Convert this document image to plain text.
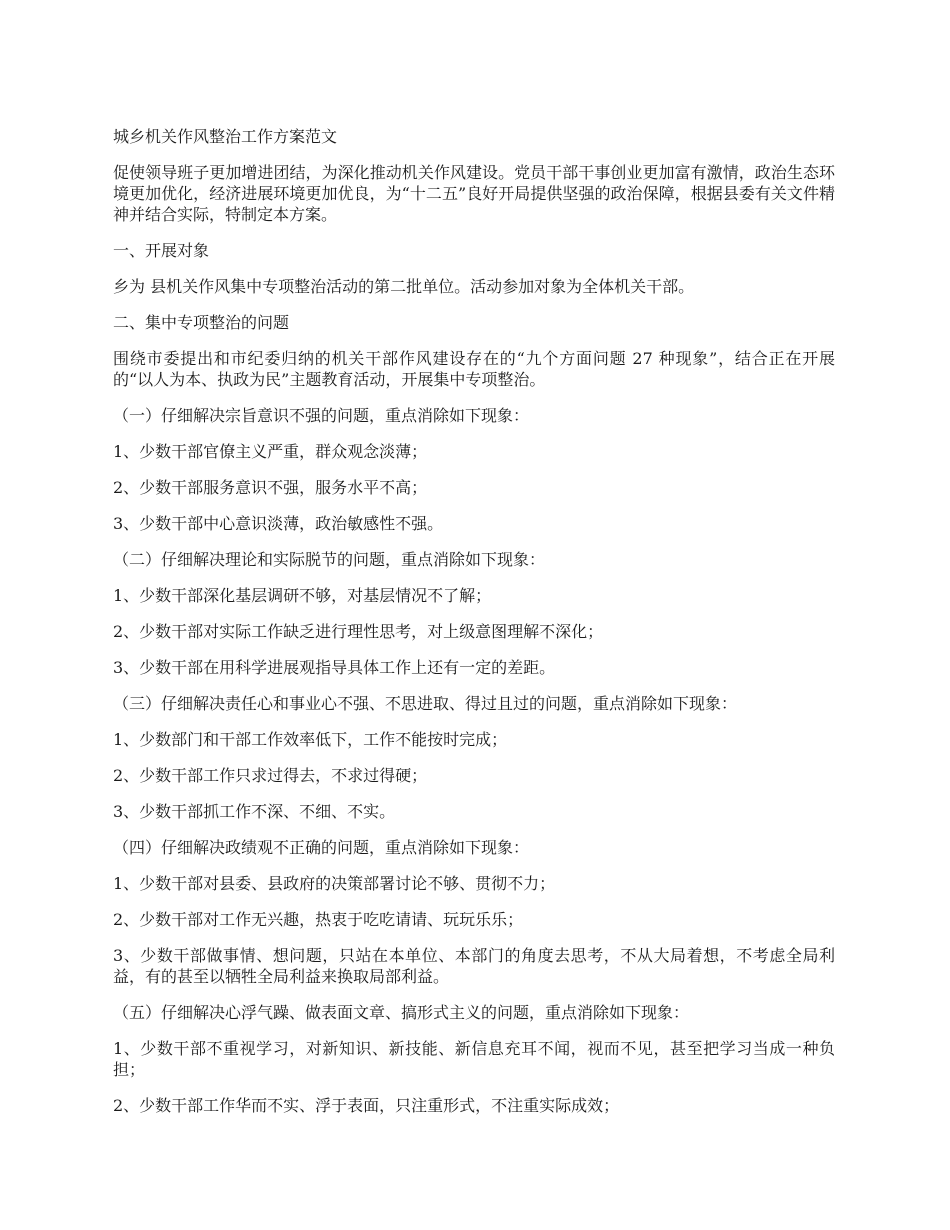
城乡机关作风整治工作方案范文

促使领导班子更加增进团结，为深化推动机关作风建设。党员干部干事创业更加富有激情，政治生态环境更加优化，经济进展环境更加优良，为“十二五”良好开局提供坚强的政治保障，根据县委有关文件精神并结合实际，特制定本方案。

一、开展对象

乡为 县机关作风集中专项整治活动的第二批单位。活动参加对象为全体机关干部。

二、集中专项整治的问题

围绕市委提出和市纪委归纳的机关干部作风建设存在的“九个方面问题 27 种现象”，结合正在开展的“以人为本、执政为民”主题教育活动，开展集中专项整治。

（一）仔细解决宗旨意识不强的问题，重点消除如下现象：

1、少数干部官僚主义严重，群众观念淡薄；

2、少数干部服务意识不强，服务水平不高；

3、少数干部中心意识淡薄，政治敏感性不强。

（二）仔细解决理论和实际脱节的问题，重点消除如下现象：

1、少数干部深化基层调研不够，对基层情况不了解；

2、少数干部对实际工作缺乏进行理性思考，对上级意图理解不深化；

3、少数干部在用科学进展观指导具体工作上还有一定的差距。

（三）仔细解决责任心和事业心不强、不思进取、得过且过的问题，重点消除如下现象：

1、少数部门和干部工作效率低下，工作不能按时完成；

2、少数干部工作只求过得去，不求过得硬；

3、少数干部抓工作不深、不细、不实。

（四）仔细解决政绩观不正确的问题，重点消除如下现象：

1、少数干部对县委、县政府的决策部署讨论不够、贯彻不力；

2、少数干部对工作无兴趣，热衷于吃吃请请、玩玩乐乐；

3、少数干部做事情、想问题，只站在本单位、本部门的角度去思考，不从大局着想，不考虑全局利益，有的甚至以牺牲全局利益来换取局部利益。

（五）仔细解决心浮气躁、做表面文章、搞形式主义的问题，重点消除如下现象：

1、少数干部不重视学习，对新知识、新技能、新信息充耳不闻，视而不见，甚至把学习当成一种负担；

2、少数干部工作华而不实、浮于表面，只注重形式，不注重实际成效；
